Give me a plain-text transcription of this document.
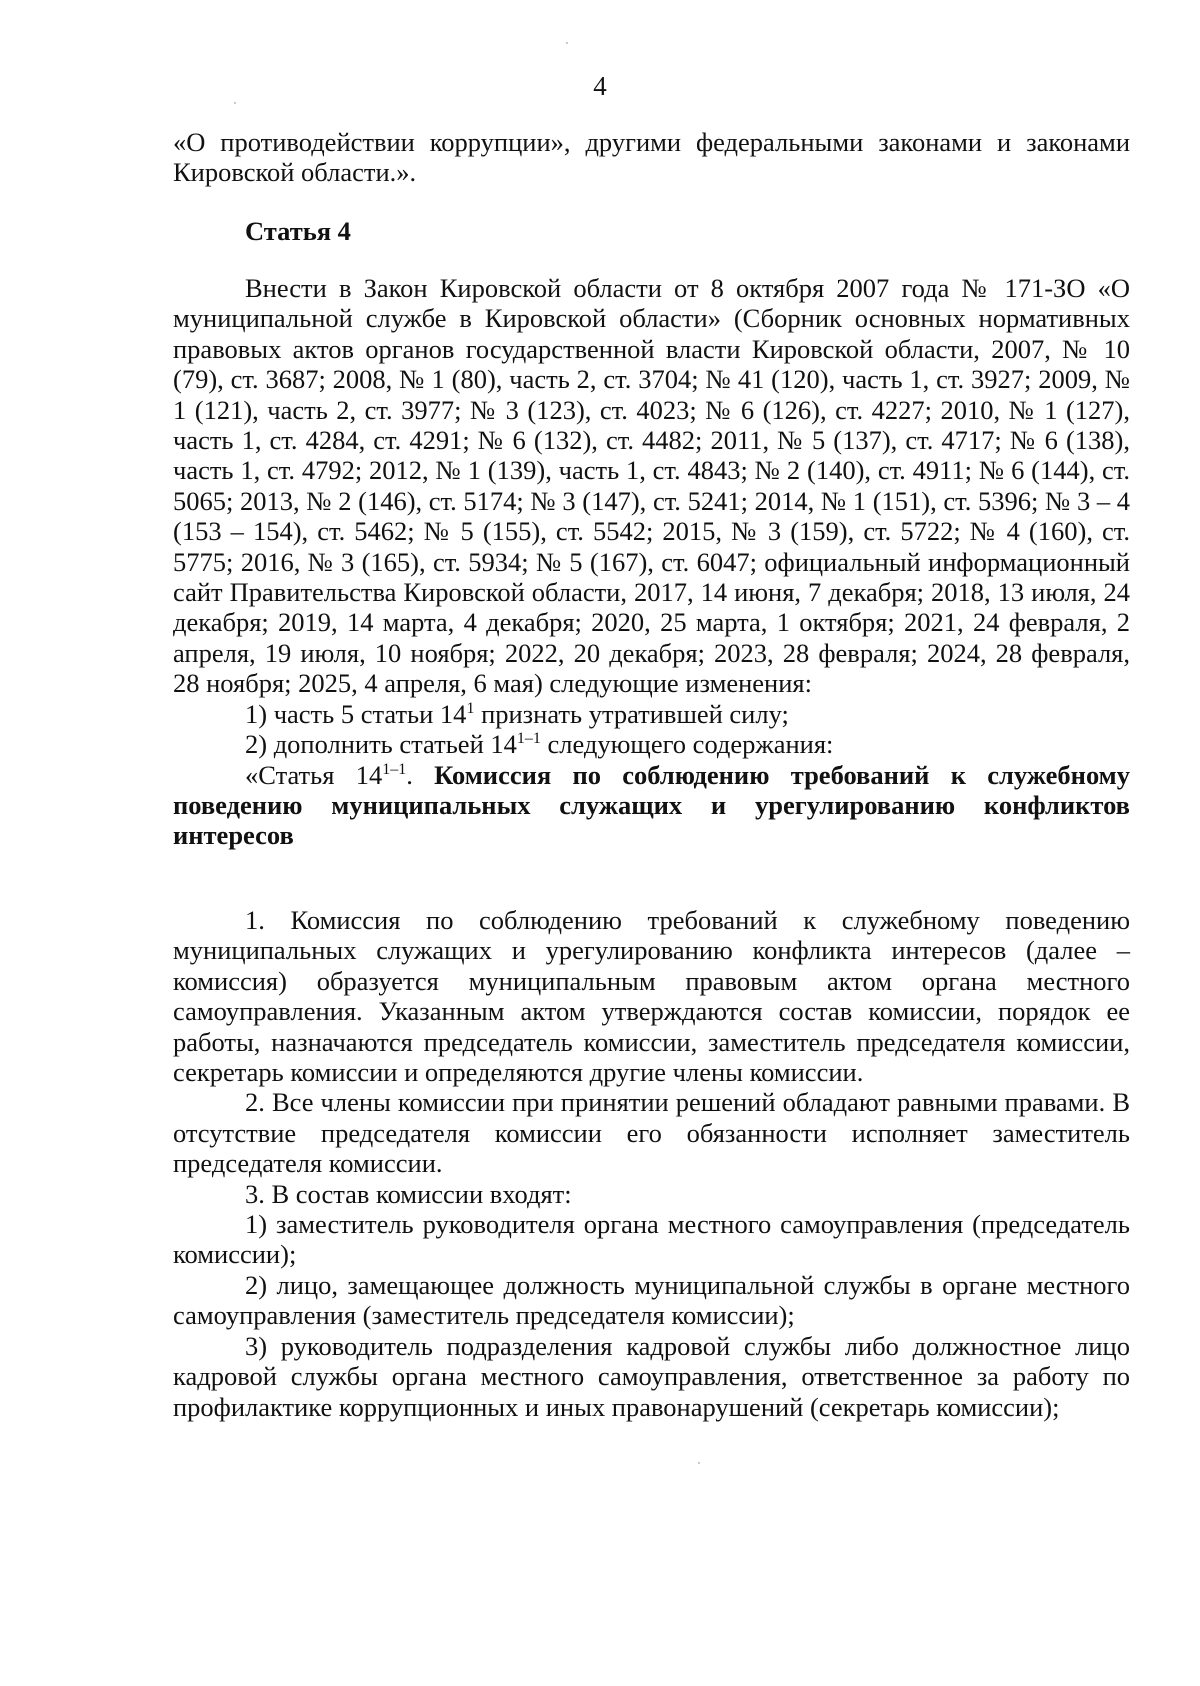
4

«О противодействии коррупции», другими федеральными законами и законами Кировской области.».

Статья 4

Внести в Закон Кировской области от 8 октября 2007 года № 171-ЗО «О муниципальной службе в Кировской области» (Сборник основных нормативных правовых актов органов государственной власти Кировской области, 2007, № 10 (79), ст. 3687; 2008, № 1 (80), часть 2, ст. 3704; № 41 (120), часть 1, ст. 3927; 2009, № 1 (121), часть 2, ст. 3977; № 3 (123), ст. 4023; № 6 (126), ст. 4227; 2010, № 1 (127), часть 1, ст. 4284, ст. 4291; № 6 (132), ст. 4482; 2011, № 5 (137), ст. 4717; № 6 (138), часть 1, ст. 4792; 2012, № 1 (139), часть 1, ст. 4843; № 2 (140), ст. 4911; № 6 (144), ст. 5065; 2013, № 2 (146), ст. 5174; № 3 (147), ст. 5241; 2014, № 1 (151), ст. 5396; № 3 – 4 (153 – 154), ст. 5462; № 5 (155), ст. 5542; 2015, № 3 (159), ст. 5722; № 4 (160), ст. 5775; 2016, № 3 (165), ст. 5934; № 5 (167), ст. 6047; официальный информационный сайт Правительства Кировской области, 2017, 14 июня, 7 декабря; 2018, 13 июля, 24 декабря; 2019, 14 марта, 4 декабря; 2020, 25 марта, 1 октября; 2021, 24 февраля, 2 апреля, 19 июля, 10 ноября; 2022, 20 декабря; 2023, 28 февраля; 2024, 28 февраля, 28 ноября; 2025, 4 апреля, 6 мая) следующие изменения:

1) часть 5 статьи $14^1$ признать утратившей силу;

2) дополнить статьей 14$^{1-1}$ следующего содержания:

«Статья 14$^{1-1}$. Комиссия по соблюдению требований к служебному поведению муниципальных служащих и урегулированию конфликтов интересов

1. Комиссия по соблюдению требований к служебному поведению муниципальных служащих и урегулированию конфликта интересов (далее – комиссия) образуется муниципальным правовым актом органа местного самоуправления. Указанным актом утверждаются состав комиссии, порядок ее работы, назначаются председатель комиссии, заместитель председателя комиссии, секретарь комиссии и определяются другие члены комиссии.

2. Все члены комиссии при принятии решений обладают равными правами. В отсутствие председателя комиссии его обязанности исполняет заместитель председателя комиссии.

3. В состав комиссии входят:

1) заместитель руководителя органа местного самоуправления (председатель комиссии);

2) лицо, замещающее должность муниципальной службы в органе местного самоуправления (заместитель председателя комиссии);

3) руководитель подразделения кадровой службы либо должностное лицо кадровой службы органа местного самоуправления, ответственное за работу по профилактике коррупционных и иных правонарушений (секретарь комиссии);
